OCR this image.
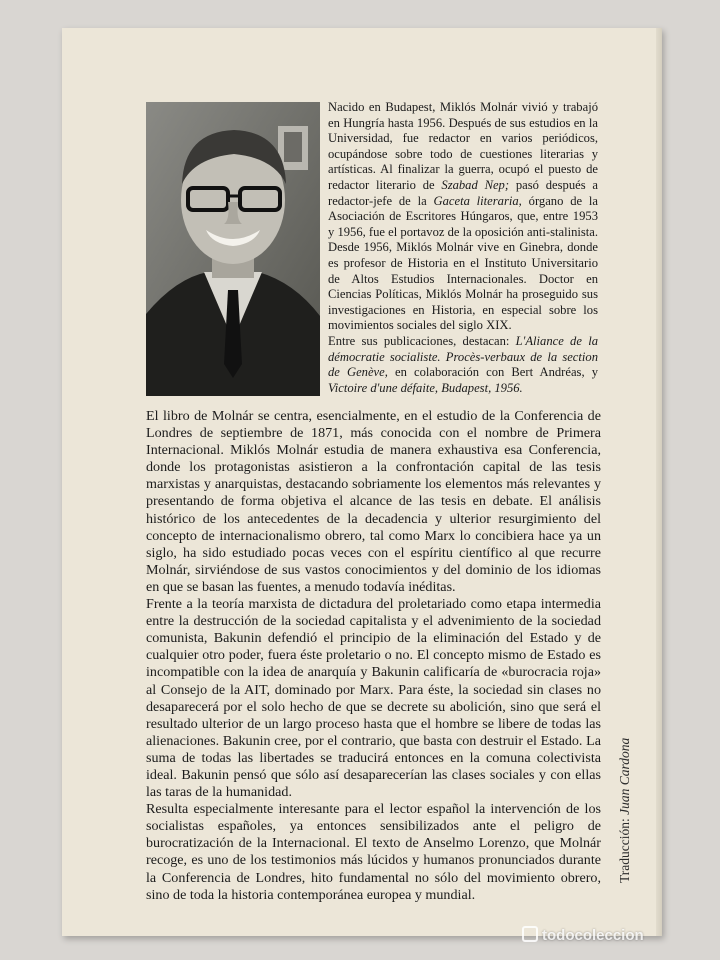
Nacido en Budapest, Miklós Molnár vivió y trabajó en Hungría hasta 1956. Después de sus estudios en la Universidad, fue redactor en varios periódicos, ocupándose sobre todo de cuestiones literarias y artísticas. Al finalizar la guerra, ocupó el puesto de redactor literario de Szabad Nep; pasó después a redactor-jefe de la Gaceta literaria, órgano de la Asociación de Escritores Húngaros, que, entre 1953 y 1956, fue el portavoz de la oposición anti-stalinista. Desde 1956, Miklós Molnár vive en Ginebra, donde es profesor de Historia en el Instituto Universitario de Altos Estudios Internacionales. Doctor en Ciencias Políticas, Miklós Molnár ha proseguido sus investigaciones en Historia, en especial sobre los movimientos sociales del siglo XIX.

Entre sus publicaciones, destacan: L'Aliance de la démocratie socialiste. Procès-verbaux de la section de Genève, en colaboración con Bert Andréas, y Victoire d'une défaite, Budapest, 1956.

El libro de Molnár se centra, esencialmente, en el estudio de la Conferencia de Londres de septiembre de 1871, más conocida con el nombre de Primera Internacional. Miklós Molnár estudia de manera exhaustiva esa Conferencia, donde los protagonistas asistieron a la confrontación capital de las tesis marxistas y anarquistas, destacando sobriamente los elementos más relevantes y presentando de forma objetiva el alcance de las tesis en debate. El análisis histórico de los antecedentes de la decadencia y ulterior resurgimiento del concepto de internacionalismo obrero, tal como Marx lo concibiera hace ya un siglo, ha sido estudiado pocas veces con el espíritu científico al que recurre Molnár, sirviéndose de sus vastos conocimientos y del dominio de los idiomas en que se basan las fuentes, a menudo todavía inéditas.

Frente a la teoría marxista de dictadura del proletariado como etapa intermedia entre la destrucción de la sociedad capitalista y el advenimiento de la sociedad comunista, Bakunin defendió el principio de la eliminación del Estado y de cualquier otro poder, fuera éste proletario o no. El concepto mismo de Estado es incompatible con la idea de anarquía y Bakunin calificaría de «burocracia roja» al Consejo de la AIT, dominado por Marx. Para éste, la sociedad sin clases no desaparecerá por el solo hecho de que se decrete su abolición, sino que será el resultado ulterior de un largo proceso hasta que el hombre se libere de todas las alienaciones. Bakunin cree, por el contrario, que basta con destruir el Estado. La suma de todas las libertades se traducirá entonces en la comuna colectivista ideal. Bakunin pensó que sólo así desaparecerían las clases sociales y con ellas las taras de la humanidad.

Resulta especialmente interesante para el lector español la intervención de los socialistas españoles, ya entonces sensibilizados ante el peligro de burocratización de la Internacional. El texto de Anselmo Lorenzo, que Molnár recoge, es uno de los testimonios más lúcidos y humanos pronunciados durante la Conferencia de Londres, hito fundamental no sólo del movimiento obrero, sino de toda la historia contemporánea europea y mundial.

Traducción: Juan Cardona
todocoleccion
